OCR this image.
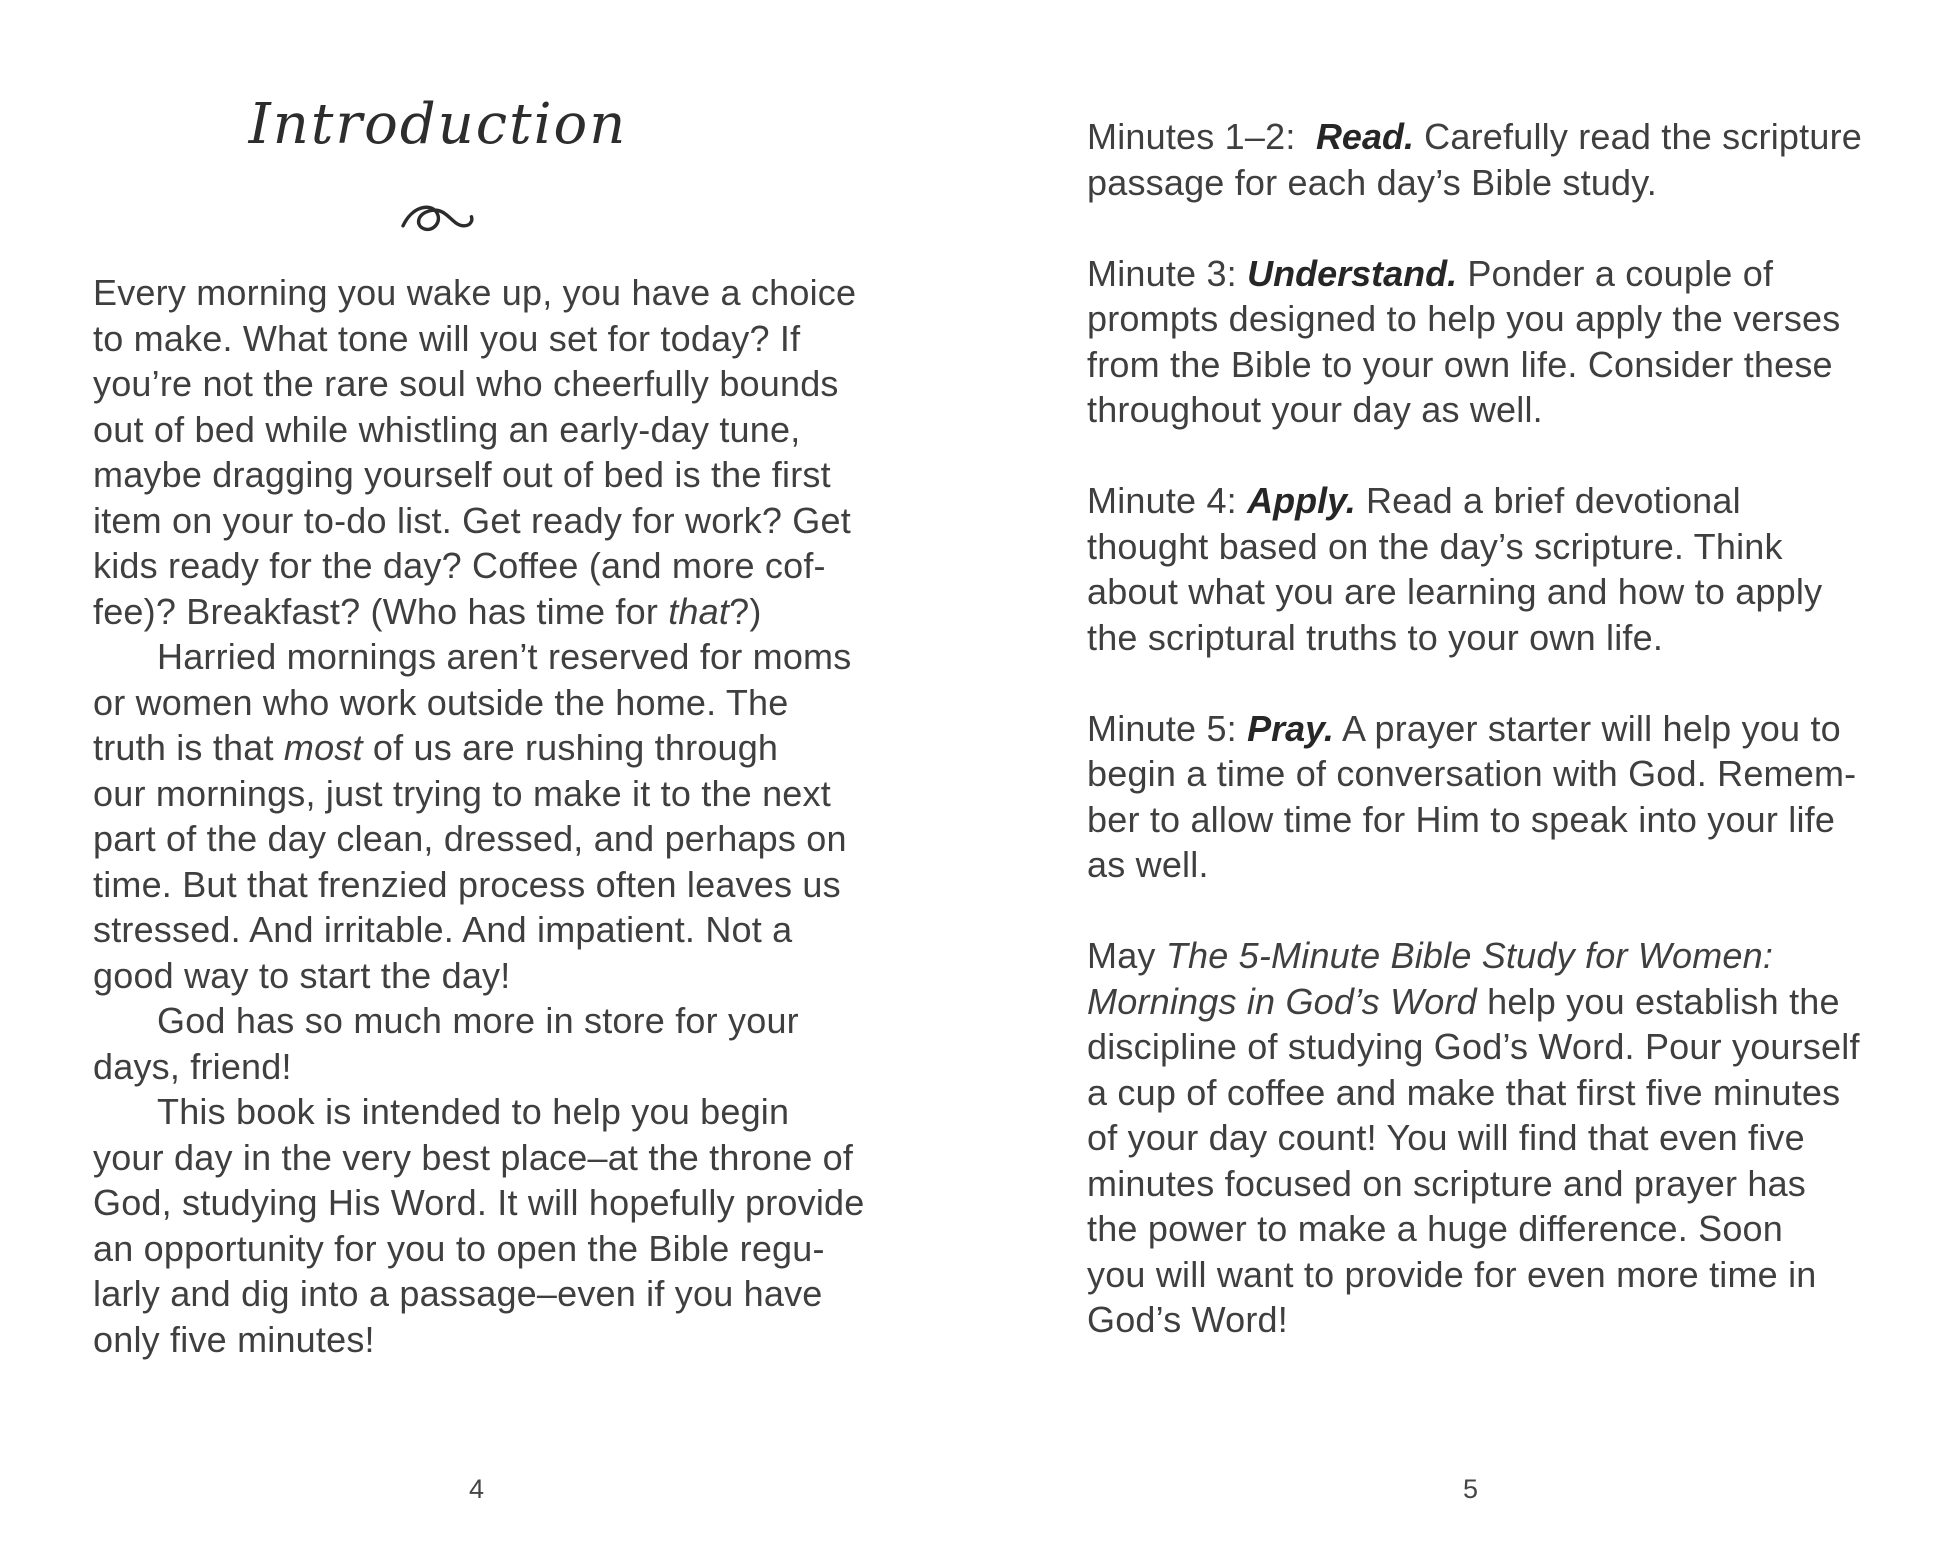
Introduction
Every morning you wake up, you have a choice
to make. What tone will you set for today? If
you’re not the rare soul who cheerfully bounds
out of bed while whistling an early-day tune,
maybe dragging yourself out of bed is the first
item on your to-do list. Get ready for work? Get
kids ready for the day? Coffee (and more cof-
fee)? Breakfast? (Who has time for that?)
Harried mornings aren’t reserved for moms
or women who work outside the home. The
truth is that most of us are rushing through
our mornings, just trying to make it to the next
part of the day clean, dressed, and perhaps on
time. But that frenzied process often leaves us
stressed. And irritable. And impatient. Not a
good way to start the day!
God has so much more in store for your
days, friend!
This book is intended to help you begin
your day in the very best place–at the throne of
God, studying His Word. It will hopefully provide
an opportunity for you to open the Bible regu-
larly and dig into a passage–even if you have
only five minutes!
4
Minutes 1–2:  Read. Carefully read the scripture
passage for each day’s Bible study.
Minute 3: Understand. Ponder a couple of
prompts designed to help you apply the verses
from the Bible to your own life. Consider these
throughout your day as well.
Minute 4: Apply. Read a brief devotional
thought based on the day’s scripture. Think
about what you are learning and how to apply
the scriptural truths to your own life.
Minute 5: Pray. A prayer starter will help you to
begin a time of conversation with God. Remem-
ber to allow time for Him to speak into your life
as well.
May The 5-Minute Bible Study for Women:
Mornings in God’s Word help you establish the
discipline of studying God’s Word. Pour yourself
a cup of coffee and make that first five minutes
of your day count! You will find that even five
minutes focused on scripture and prayer has
the power to make a huge difference. Soon
you will want to provide for even more time in
God’s Word!
5
